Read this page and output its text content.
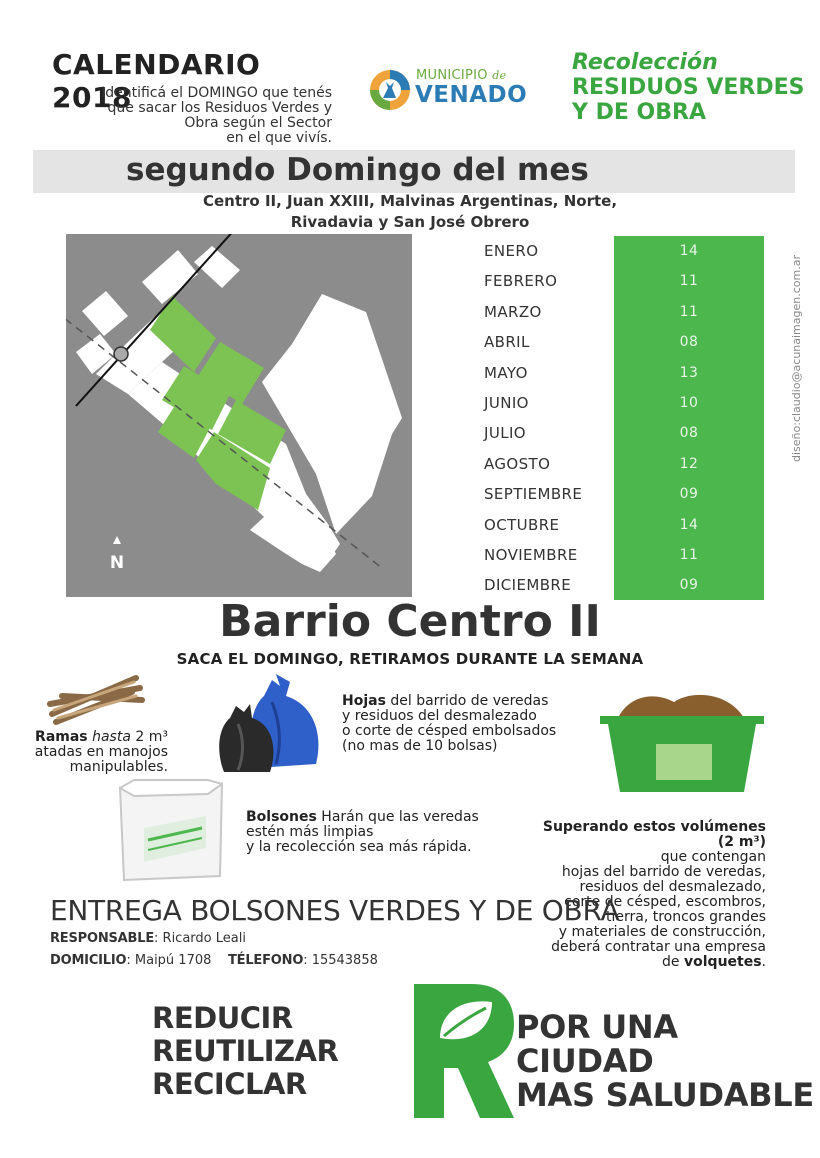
CALENDARIO 2018
Identificá el DOMINGO que tenés
que sacar los Residuos Verdes y
Obra según el Sector
en el que vivís.
MUNICIPIO de
VENADO
Recolección
RESIDUOS VERDES
Y DE OBRA
segundo Domingo del mes
Centro II, Juan XXIII, Malvinas Argentinas, Norte,
Rivadavia y San José Obrero
N
ENERO
FEBRERO
MARZO
ABRIL
MAYO
JUNIO
JULIO
AGOSTO
SEPTIEMBRE
OCTUBRE
NOVIEMBRE
DICIEMBRE
14
11
11
08
13
10
08
12
09
14
11
09
diseño:claudio@acunaimagen.com.ar
Barrio Centro II
SACA EL DOMINGO, RETIRAMOS DURANTE LA SEMANA
Ramas hasta 2 m³
atadas en manojos
manipulables.
Hojas del barrido de veredas
y residuos del desmalezado
o corte de césped embolsados
(no mas de 10 bolsas)
Bolsones Harán que las veredas
estén más limpias
y la recolección sea más rápida.
Superando estos volúmenes
(2 m³)
que contengan
hojas del barrido de veredas,
residuos del desmalezado,
corte de césped, escombros,
tierra, troncos grandes
y materiales de construcción,
deberá contratar una empresa
de volquetes.
ENTREGA BOLSONES VERDES Y DE OBRA
RESPONSABLE: Ricardo Leali
DOMICILIO: Maipú 1708 TÉLEFONO: 15543858
REDUCIR
REUTILIZAR
RECICLAR
POR UNA CIUDAD
MAS SALUDABLE
